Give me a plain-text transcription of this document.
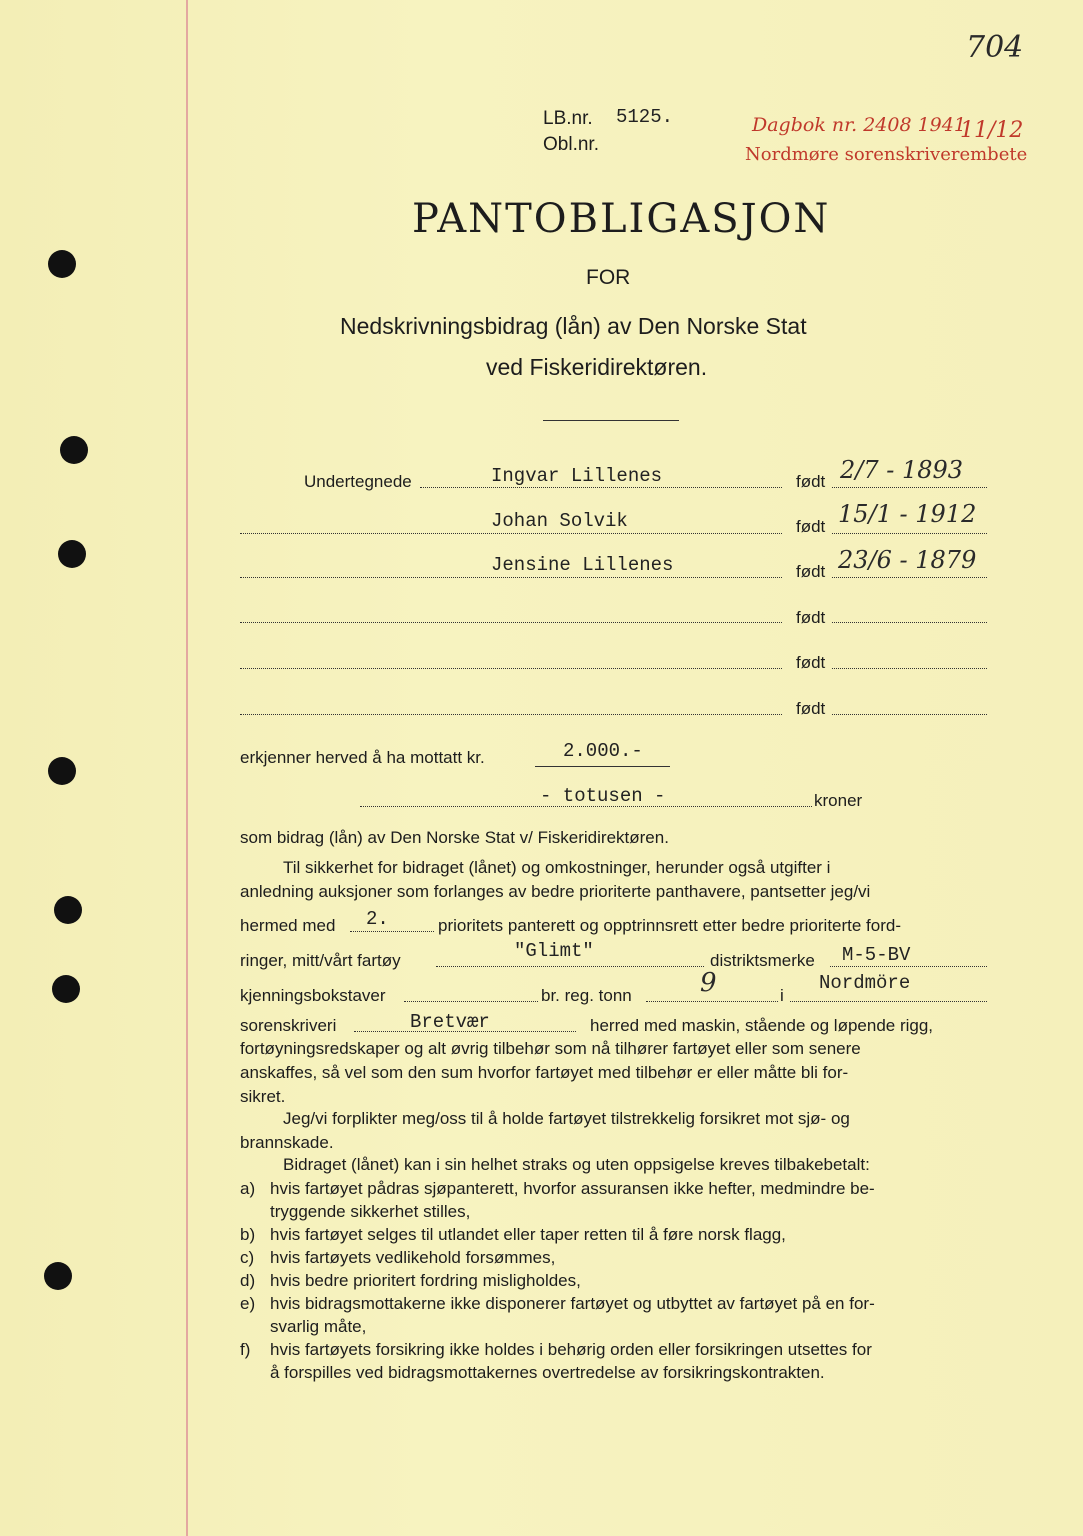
704
LB.nr. 5125.
Obl.nr.
Dagbok nr. 2408 1941
11/12
Nordmøre sorenskriverembete
PANTOBLIGASJON
FOR
Nedskrivningsbidrag (lån) av Den Norske Stat
ved Fiskeridirektøren.
Undertegnede	Ingvar Lillenes	født 2/7 - 1893
Johan Solvik	født 15/1 - 1912
Jensine Lillenes	født 23/6 - 1879
født
født
født
erkjenner herved å ha mottatt kr.	2.000.-
- totusen -	kroner
som bidrag (lån) av Den Norske Stat v/ Fiskeridirektøren.
Til sikkerhet for bidraget (lånet) og omkostninger, herunder også utgifter i
anledning auksjoner som forlanges av bedre prioriterte panthavere, pantsetter jeg/vi
hermed med 2.	prioritets panterett og opptrinnsrett etter bedre prioriterte ford-
ringer, mitt/vårt fartøy	"Glimt"	distriktsmerke M-5-BV
kjenningsbokstaver	br. reg. tonn	9	i
Nordmöre
sorenskriveri	Bretvær	herred med maskin, stående og løpende rigg,
fortøyningsredskaper og alt øvrig tilbehør som nå tilhører fartøyet eller som senere
anskaffes, så vel som den sum hvorfor fartøyet med tilbehør er eller måtte bli for-
sikret.
Jeg/vi forplikter meg/oss til å holde fartøyet tilstrekkelig forsikret mot sjø- og
brannskade.
Bidraget (lånet) kan i sin helhet straks og uten oppsigelse kreves tilbakebetalt:
a) hvis fartøyet pådras sjøpanterett, hvorfor assuransen ikke hefter, medmindre be-
tryggende sikkerhet stilles,
b) hvis fartøyet selges til utlandet eller taper retten til å føre norsk flagg,
c) hvis fartøyets vedlikehold forsømmes,
d) hvis bedre prioritert fordring misligholdes,
e) hvis bidragsmottakerne ikke disponerer fartøyet og utbyttet av fartøyet på en for-
svarlig måte,
f) hvis fartøyets forsikring ikke holdes i behørig orden eller forsikringen utsettes for
å forspilles ved bidragsmottakernes overtredelse av forsikringskontrakten.
